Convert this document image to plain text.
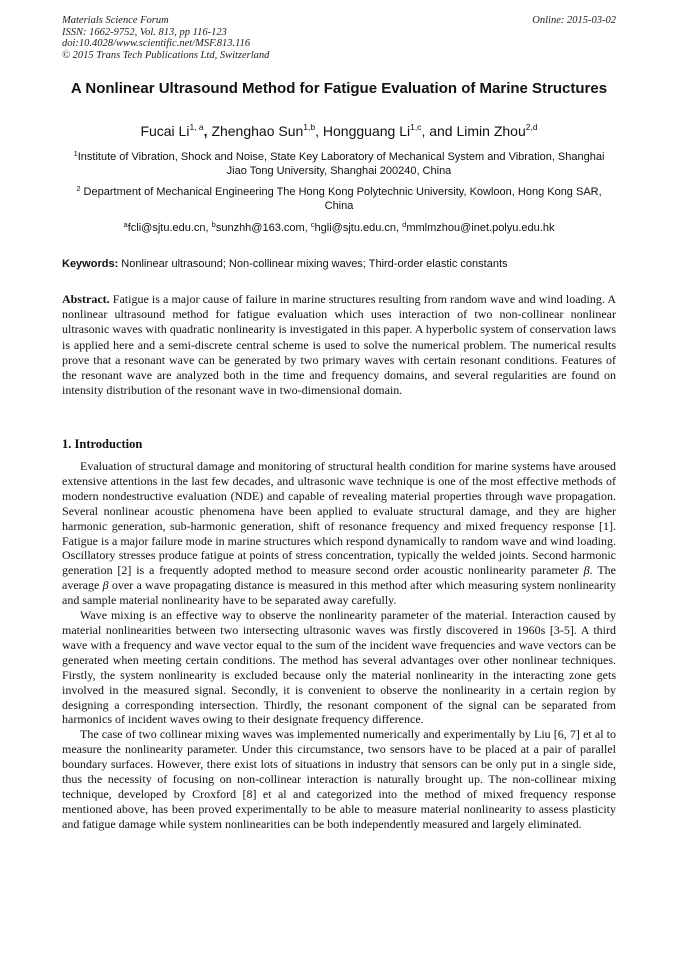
Materials Science Forum
ISSN: 1662-9752, Vol. 813, pp 116-123
doi:10.4028/www.scientific.net/MSF.813.116
© 2015 Trans Tech Publications Ltd, Switzerland
Online: 2015-03-02
A Nonlinear Ultrasound Method for Fatigue Evaluation of Marine Structures
Fucai Li$^{1, a}$, Zhenghao Sun$^{1,b}$, Hongguang Li$^{1,c}$, and Limin Zhou$^{2,d}$
$^1$Institute of Vibration, Shock and Noise, State Key Laboratory of Mechanical System and Vibration, Shanghai Jiao Tong University, Shanghai 200240, China
$^2$ Department of Mechanical Engineering The Hong Kong Polytechnic University, Kowloon, Hong Kong SAR, China
$^a$fcli@sjtu.edu.cn, $^b$sunzhh@163.com, $^c$hgli@sjtu.edu.cn, $^d$mmlmzhou@inet.polyu.edu.hk
Keywords: Nonlinear ultrasound; Non-collinear mixing waves; Third-order elastic constants

Abstract. Fatigue is a major cause of failure in marine structures resulting from random wave and wind loading. A nonlinear ultrasound method for fatigue evaluation which uses interaction of two non-collinear nonlinear ultrasonic waves with quadratic nonlinearity is investigated in this paper. A hyperbolic system of conservation laws is applied here and a semi-discrete central scheme is used to solve the numerical problem. The numerical results prove that a resonant wave can be generated by two primary waves with certain resonant conditions. Features of the resonant wave are analyzed both in the time and frequency domains, and several regularities are found on intensity distribution of the resonant wave in two-dimensional domain.

1. Introduction

Evaluation of structural damage and monitoring of structural health condition for marine systems have aroused extensive attentions in the last few decades, and ultrasonic wave technique is one of the most effective methods of modern nondestructive evaluation (NDE) and capable of revealing material properties through wave propagation. Several nonlinear acoustic phenomena have been applied to evaluate structural damage, and they are higher harmonic generation, sub-harmonic generation, shift of resonance frequency and mixed frequency response [1]. Fatigue is a major failure mode in marine structures which respond dynamically to random wave and wind loading. Oscillatory stresses produce fatigue at points of stress concentration, typically the welded joints. Second harmonic generation [2] is a frequently adopted method to measure second order acoustic nonlinearity parameter β. The average β over a wave propagating distance is measured in this method after which measuring system nonlinearity and sample material nonlinearity have to be separated away carefully.

Wave mixing is an effective way to observe the nonlinearity parameter of the material. Interaction caused by material nonlinearities between two intersecting ultrasonic waves was firstly discovered in 1960s [3-5]. A third wave with a frequency and wave vector equal to the sum of the incident wave frequencies and wave vectors can be generated when meeting certain conditions. The method has several advantages over other nonlinear techniques. Firstly, the system nonlinearity is excluded because only the material nonlinearity in the interacting zone gets involved in the measured signal. Secondly, it is convenient to observe the nonlinearity in a certain region by designing a corresponding intersection. Thirdly, the resonant component of the signal can be separated from harmonics of incident waves owing to their designate frequency difference.

The case of two collinear mixing waves was implemented numerically and experimentally by Liu [6, 7] et al to measure the nonlinearity parameter. Under this circumstance, two sensors have to be placed at a pair of parallel boundary surfaces. However, there exist lots of situations in industry that sensors can be only put in a single side, thus the necessity of focusing on non-collinear interaction is naturally brought up. The non-collinear mixing technique, developed by Croxford [8] et al and categorized into the method of mixed frequency response mentioned above, has been proved experimentally to be able to measure material nonlinearity to assess plasticity and fatigue damage while system nonlinearities can be both independently measured and largely eliminated.
